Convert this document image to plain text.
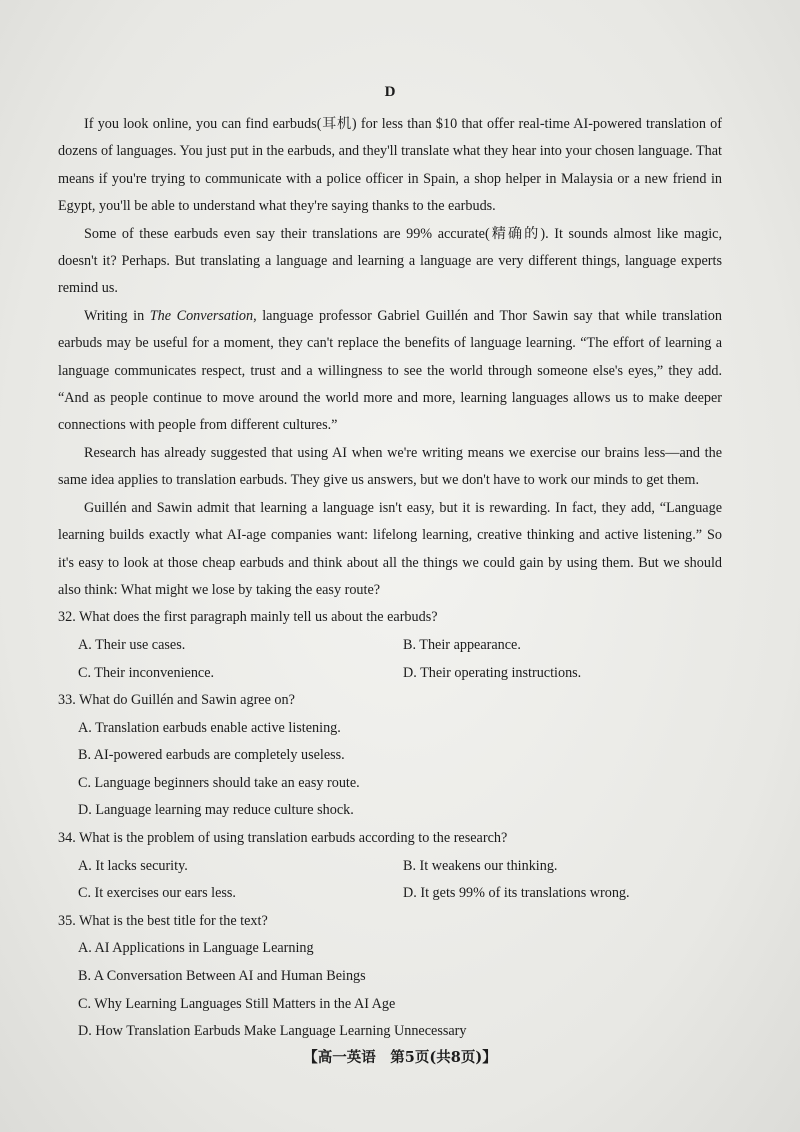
D

If you look online, you can find earbuds(耳机) for less than $10 that offer real-time AI-powered translation of dozens of languages. You just put in the earbuds, and they'll translate what they hear into your chosen language. That means if you're trying to communicate with a police officer in Spain, a shop helper in Malaysia or a new friend in Egypt, you'll be able to understand what they're saying thanks to the earbuds.

Some of these earbuds even say their translations are 99% accurate(精确的). It sounds almost like magic, doesn't it? Perhaps. But translating a language and learning a language are very different things, language experts remind us.

Writing in The Conversation, language professor Gabriel Guillén and Thor Sawin say that while translation earbuds may be useful for a moment, they can't replace the benefits of language learning. “The effort of learning a language communicates respect, trust and a willingness to see the world through someone else's eyes,” they add. “And as people continue to move around the world more and more, learning languages allows us to make deeper connections with people from different cultures.”

Research has already suggested that using AI when we're writing means we exercise our brains less—and the same idea applies to translation earbuds. They give us answers, but we don't have to work our minds to get them.

Guillén and Sawin admit that learning a language isn't easy, but it is rewarding. In fact, they add, “Language learning builds exactly what AI-age companies want: lifelong learning, creative thinking and active listening.” So it's easy to look at those cheap earbuds and think about all the things we could gain by using them. But we should also think: What might we lose by taking the easy route?

32. What does the first paragraph mainly tell us about the earbuds?

A. Their use cases.	B. Their appearance.
C. Their inconvenience.	D. Their operating instructions.

33. What do Guillén and Sawin agree on?

A. Translation earbuds enable active listening.
B. AI-powered earbuds are completely useless.
C. Language beginners should take an easy route.
D. Language learning may reduce culture shock.

34. What is the problem of using translation earbuds according to the research?

A. It lacks security.	B. It weakens our thinking.
C. It exercises our ears less.	D. It gets 99% of its translations wrong.

35. What is the best title for the text?

A. AI Applications in Language Learning
B. A Conversation Between AI and Human Beings
C. Why Learning Languages Still Matters in the AI Age
D. How Translation Earbuds Make Language Learning Unnecessary
【高一英语　第5页(共8页)】
